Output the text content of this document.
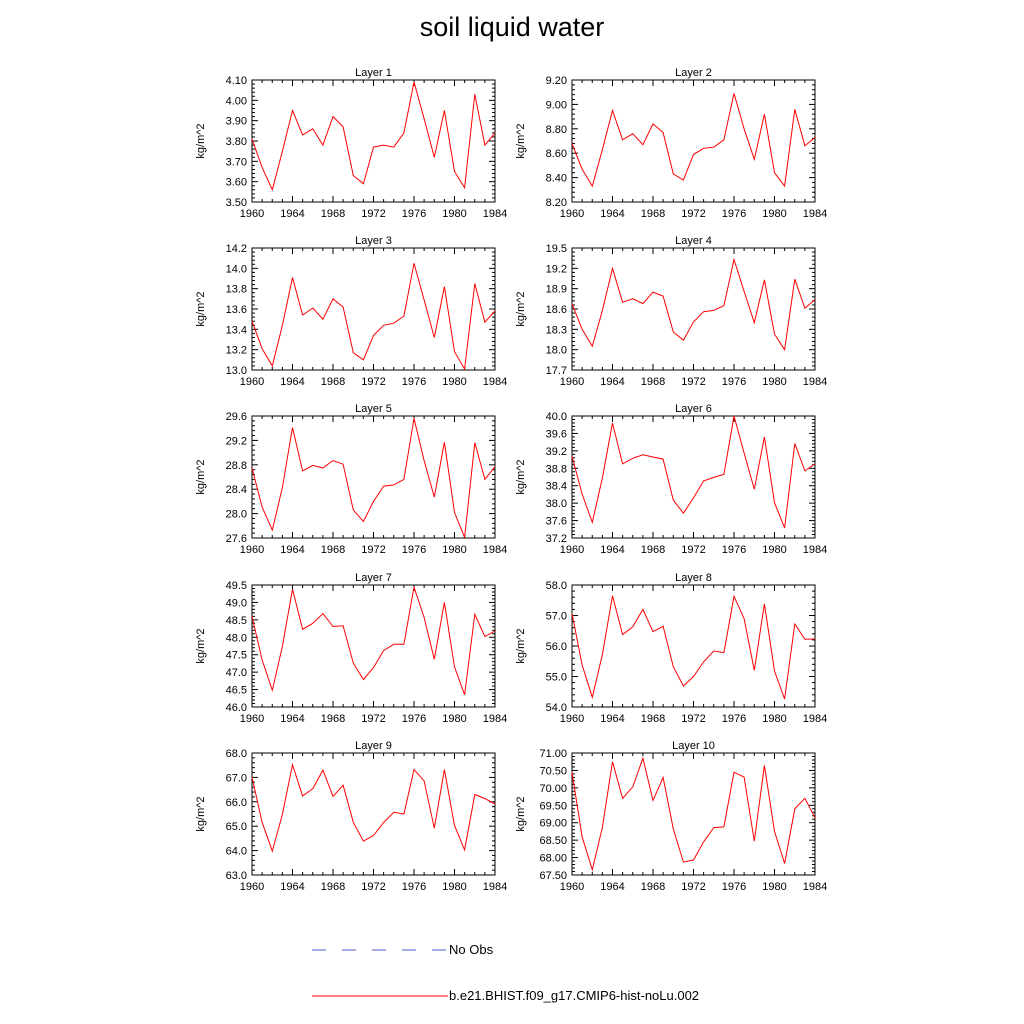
soil liquid water
Layer 1
1960 1964 1968 1972 1976 1980 1984
3.50
3.60
3.70
3.80
3.90
4.00
4.10
kg/m^2
Layer 2
1960 1964 1968 1972 1976 1980 1984
8.20
8.40
8.60
8.80
9.00
9.20
kg/m^2
Layer 3
1960 1964 1968 1972 1976 1980 1984
13.0
13.2
13.4
13.6
13.8
14.0
14.2
kg/m^2
Layer 4
1960 1964 1968 1972 1976 1980 1984
17.7
18.0
18.3
18.6
18.9
19.2
19.5
kg/m^2
Layer 5
1960 1964 1968 1972 1976 1980 1984
27.6
28.0
28.4
28.8
29.2
29.6
kg/m^2
Layer 6
1960 1964 1968 1972 1976 1980 1984
37.2
37.6
38.0
38.4
38.8
39.2
39.6
40.0
kg/m^2
Layer 7
1960 1964 1968 1972 1976 1980 1984
46.0
46.5
47.0
47.5
48.0
48.5
49.0
49.5
kg/m^2
Layer 8
1960 1964 1968 1972 1976 1980 1984
54.0
55.0
56.0
57.0
58.0
kg/m^2
Layer 9
1960 1964 1968 1972 1976 1980 1984
63.0
64.0
65.0
66.0
67.0
68.0
kg/m^2
Layer 10
1960 1964 1968 1972 1976 1980 1984
67.50
68.00
68.50
69.00
69.50
70.00
70.50
71.00
kg/m^2
No Obs
b.e21.BHIST.f09_g17.CMIP6-hist-noLu.002
